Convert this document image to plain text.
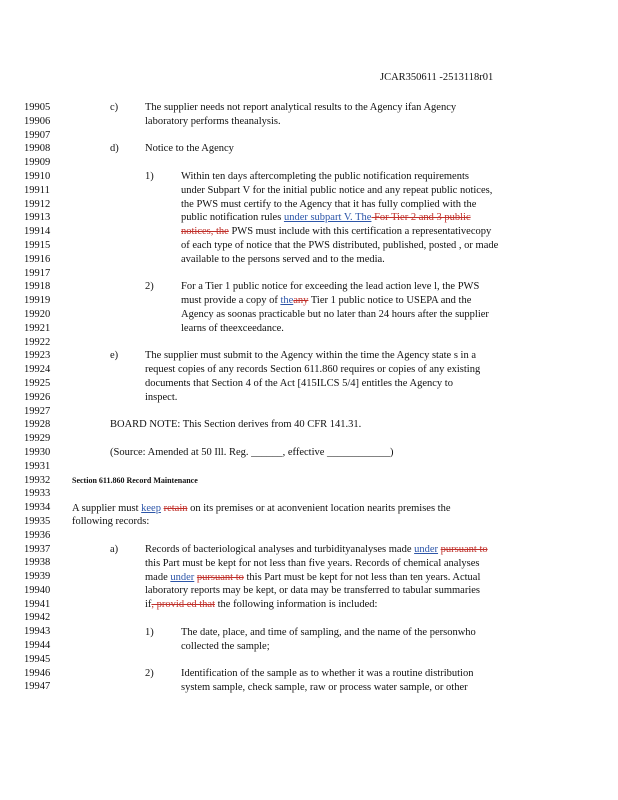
JCAR350611 -2513118r01
19905
19906
19907
19908
19909
19910
19911
19912
19913
19914
19915
19916
19917
19918
19919
19920
19921
19922
19923
19924
19925
19926
19927
19928
19929
19930
19931
19932
19933
19934
19935
19936
19937
19938
19939
19940
19941
19942
19943
19944
19945
19946
19947
c)	The supplier needs not report analytical results to the Agency ifan Agency
laboratory performs theanalysis.
d)	Notice to the Agency
1)	Within ten days aftercompleting the public notification requirements
under Subpart V for the initial public notice and any repeat public notices,
the PWS must certify to the Agency that it has fully complied with the
public notification rules under subpart V. The For Tier 2 and 3 public
notices, the PWS must include with this certification a representativecopy
of each type of notice that the PWS distributed, published, posted , or made
available to the persons served and to the media.
2)	For a Tier 1 public notice for exceeding the lead action leve l, the PWS
must provide a copy of theany Tier 1 public notice to USEPA and the
Agency as soonas practicable but no later than 24 hours after the supplier
learns of theexceedance.
e)	The supplier must submit to the Agency within the time the Agency state s in a
request copies of any records Section 611.860 requires or copies of any existing
documents that Section 4 of the Act [415ILCS 5/4] entitles the Agency to
inspect.
BOARD NOTE: This Section derives from 40 CFR 141.31.
(Source: Amended at 50 Ill. Reg. ______, effective ____________)
Section 611.860 Record Maintenance
A supplier must keep retain on its premises or at aconvenient location nearits premises the
following records:
a)	Records of bacteriological analyses and turbidityanalyses made under pursuant to
this Part must be kept for not less than five years. Records of chemical analyses
made under pursuant to this Part must be kept for not less than ten years. Actual
laboratory reports may be kept, or data may be transferred to tabular summaries
if, provid ed that the following information is included:
1)	The date, place, and time of sampling, and the name of the personwho
collected the sample;
2)	Identification of the sample as to whether it was a routine distribution
system sample, check sample, raw or process water sample, or other
